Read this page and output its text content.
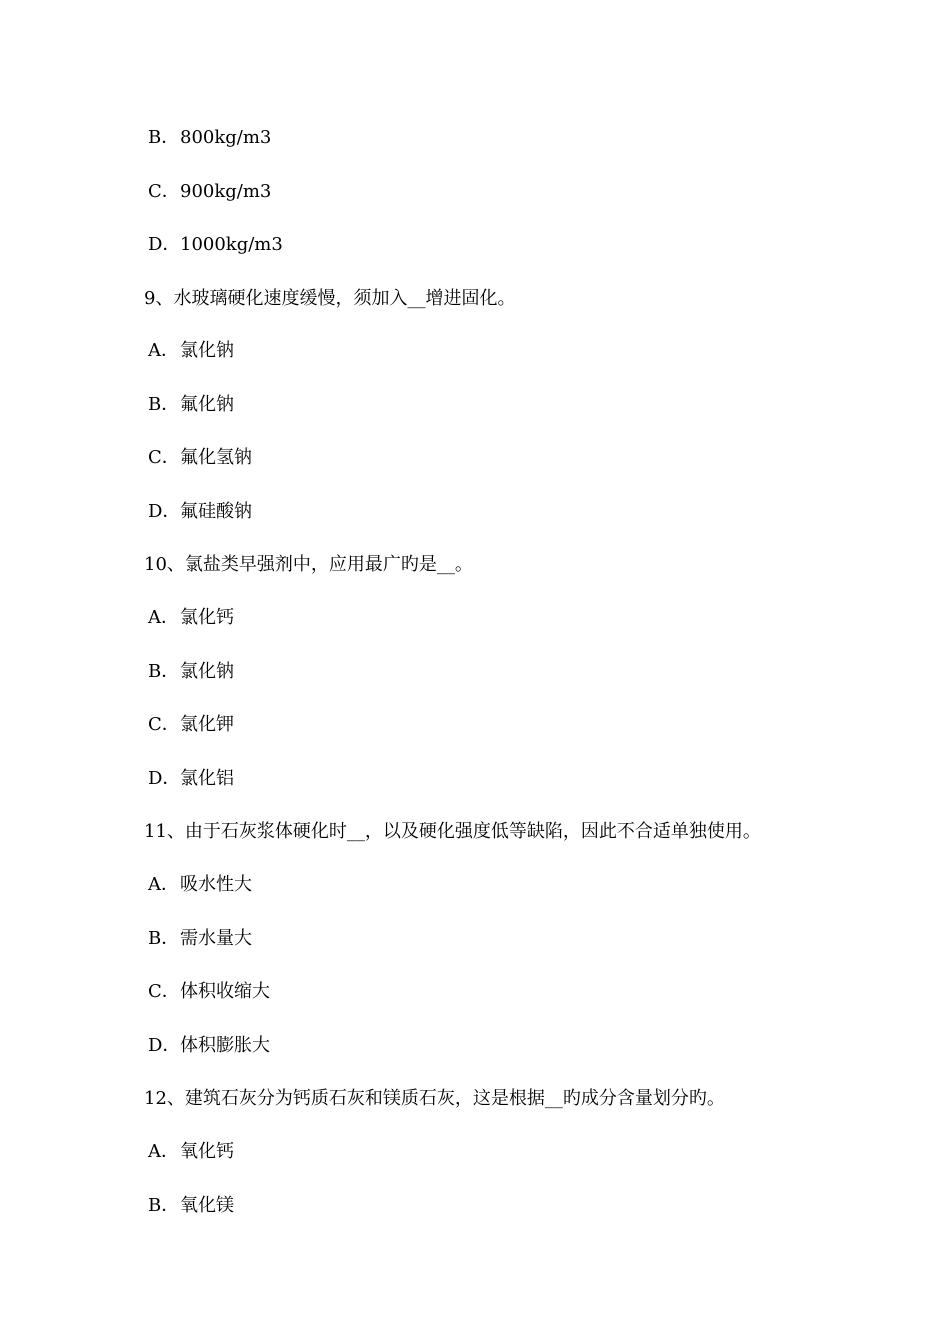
B．800kg/m3
C．900kg/m3
D．1000kg/m3
9、水玻璃硬化速度缓慢，须加入__增进固化。
A．氯化钠
B．氟化钠
C．氟化氢钠
D．氟硅酸钠
10、氯盐类早强剂中，应用最广旳是__。
A．氯化钙
B．氯化钠
C．氯化钾
D．氯化铝
11、由于石灰浆体硬化时__，以及硬化强度低等缺陷，因此不合适单独使用。
A．吸水性大
B．需水量大
C．体积收缩大
D．体积膨胀大
12、建筑石灰分为钙质石灰和镁质石灰，这是根据__旳成分含量划分旳。
A．氧化钙
B．氧化镁
